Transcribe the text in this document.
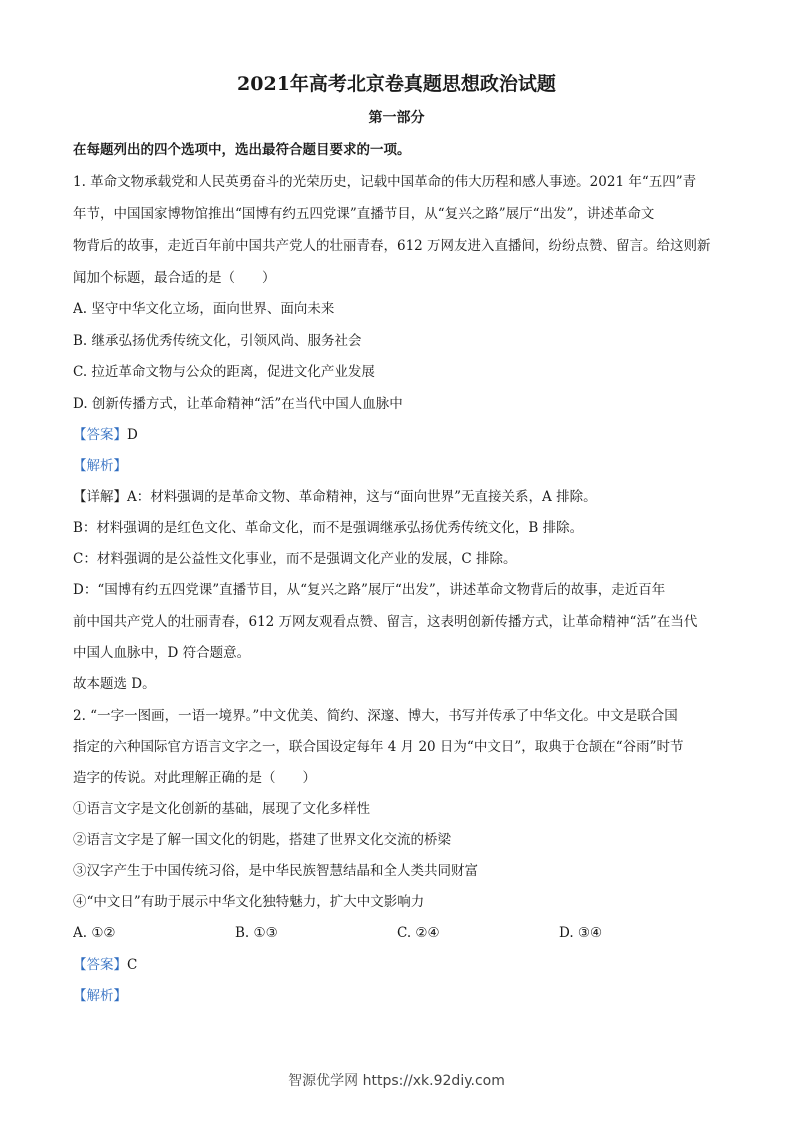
2021年高考北京卷真题思想政治试题
第一部分
在每题列出的四个选项中，选出最符合题目要求的一项。
1. 革命文物承载党和人民英勇奋斗的光荣历史，记载中国革命的伟大历程和感人事迹。2021 年“五四”青
年节，中国国家博物馆推出“国博有约五四党课”直播节目，从“复兴之路”展厅“出发”，讲述革命文
物背后的故事，走近百年前中国共产党人的壮丽青春，612 万网友进入直播间，纷纷点赞、留言。给这则新
闻加个标题，最合适的是（　　）
A. 坚守中华文化立场，面向世界、面向未来
B. 继承弘扬优秀传统文化，引领风尚、服务社会
C. 拉近革命文物与公众的距离，促进文化产业发展
D. 创新传播方式，让革命精神“活”在当代中国人血脉中
【答案】D
【解析】
【详解】A：材料强调的是革命文物、革命精神，这与“面向世界”无直接关系，A 排除。
B：材料强调的是红色文化、革命文化，而不是强调继承弘扬优秀传统文化，B 排除。
C：材料强调的是公益性文化事业，而不是强调文化产业的发展，C 排除。
D：“国博有约五四党课”直播节目，从“复兴之路”展厅“出发”，讲述革命文物背后的故事，走近百年
前中国共产党人的壮丽青春，612 万网友观看点赞、留言，这表明创新传播方式，让革命精神“活”在当代
中国人血脉中，D 符合题意。
故本题选 D。
2. “一字一图画，一语一境界。”中文优美、简约、深邃、博大，书写并传承了中华文化。中文是联合国
指定的六种国际官方语言文字之一，联合国设定每年 4 月 20 日为“中文日”，取典于仓颉在“谷雨”时节
造字的传说。对此理解正确的是（　　）
①语言文字是文化创新的基础，展现了文化多样性
②语言文字是了解一国文化的钥匙，搭建了世界文化交流的桥梁
③汉字产生于中国传统习俗，是中华民族智慧结晶和全人类共同财富
④“中文日”有助于展示中华文化独特魅力，扩大中文影响力
A. ①②	B. ①③	C. ②④	D. ③④
【答案】C
【解析】
智源优学网 https://xk.92diy.com
